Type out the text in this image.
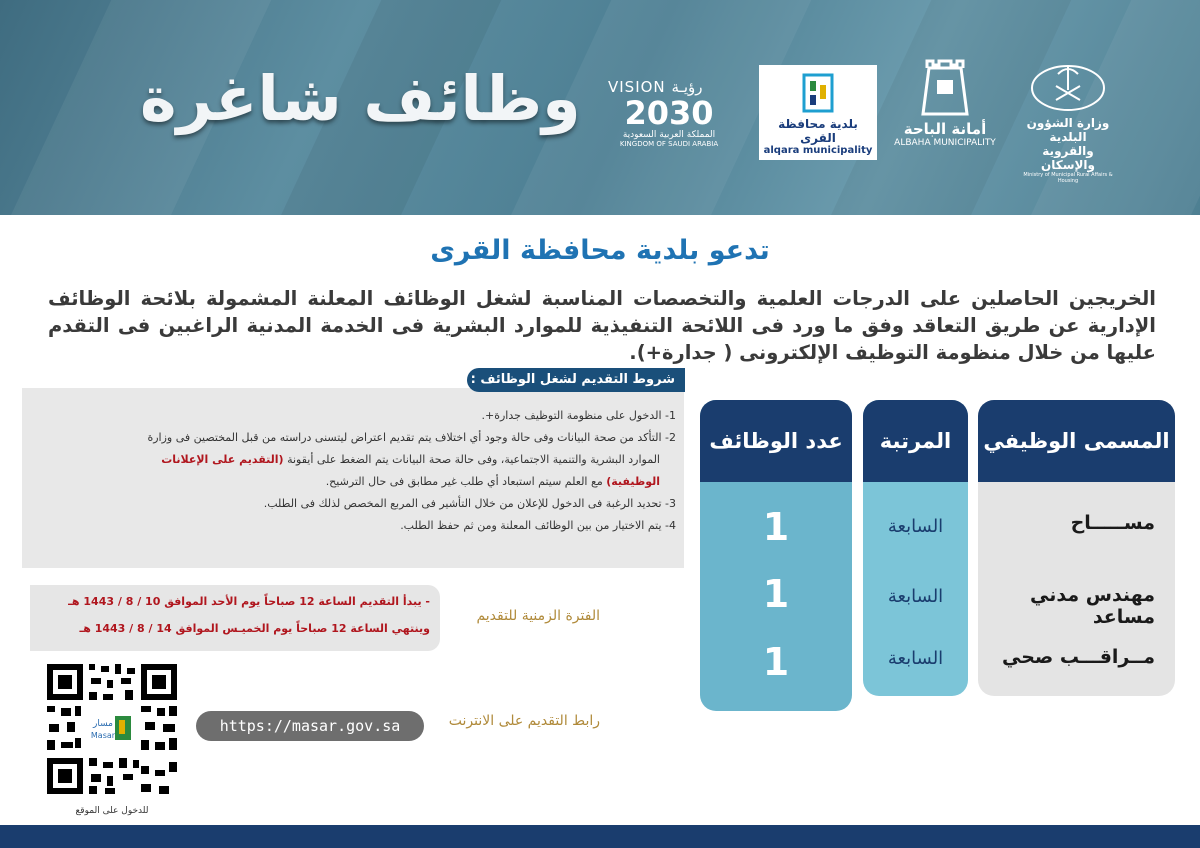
وظائف شاغرة VISION رؤيـة
2030
المملكة العربية السعودية
KINGDOM OF SAUDI ARABIA
بلدية محافظة القرى
alqara municipality
أمانة الباحة
ALBAHA MUNICIPALITY
وزارة الشؤون البلدية
والقروية والإسكان
Ministry of Municipal Rural Affairs & Housing
تدعو بلدية محافظة القرى
الخريجين الحاصلين على الدرجات العلمية والتخصصات المناسبة لشغل الوظائف المعلنة المشمولة بلائحة الوظائف الإدارية عن طريق التعاقد وفق ما ورد فى اللائحة التنفيذية للموارد البشرية فى الخدمة المدنية الراغبين فى التقدم عليها من خلال منظومة التوظيف الإلكترونى ( جدارة+).
شروط التقديم لشغل الوظائف :
1- الدخول على منظومة التوظيف جدارة+.
2- التأكد من صحة البيانات وفى حالة وجود أي اختلاف يتم تقديم اعتراض ليتسنى دراسته من قبل المختصين فى وزارة
الموارد البشرية والتنمية الاجتماعية، وفى حالة صحة البيانات يتم الضغط على أيقونة (التقديم على الإعلانات
الوظيفية) مع العلم سيتم استبعاد أي طلب غير مطابق فى حال الترشيح.
3- تحديد الرغبة فى الدخول للإعلان من خلال التأشير فى المربع المخصص لذلك فى الطلب.
4- يتم الاختيار من بين الوظائف المعلنة ومن ثم حفظ الطلب.
- يبدأ التقديم الساعة 12 صباحاً يوم الأحد الموافق 10 / 8 / 1443 هـ
وينتهي الساعة 12 صباحاً يوم الخميـس الموافق 14 / 8 / 1443 هـ
الفترة الزمنية للتقديم
https://masar.gov.sa	رابط التقديم على الانترنت
مسار
Masar
للدخول على الموقع
عدد الوظائف
1
1
1
المرتبة
السابعة
السابعة
السابعة
المسمى الوظيفي
مســـــاح
مهندس مدني مساعد
مــراقـــب صحي
